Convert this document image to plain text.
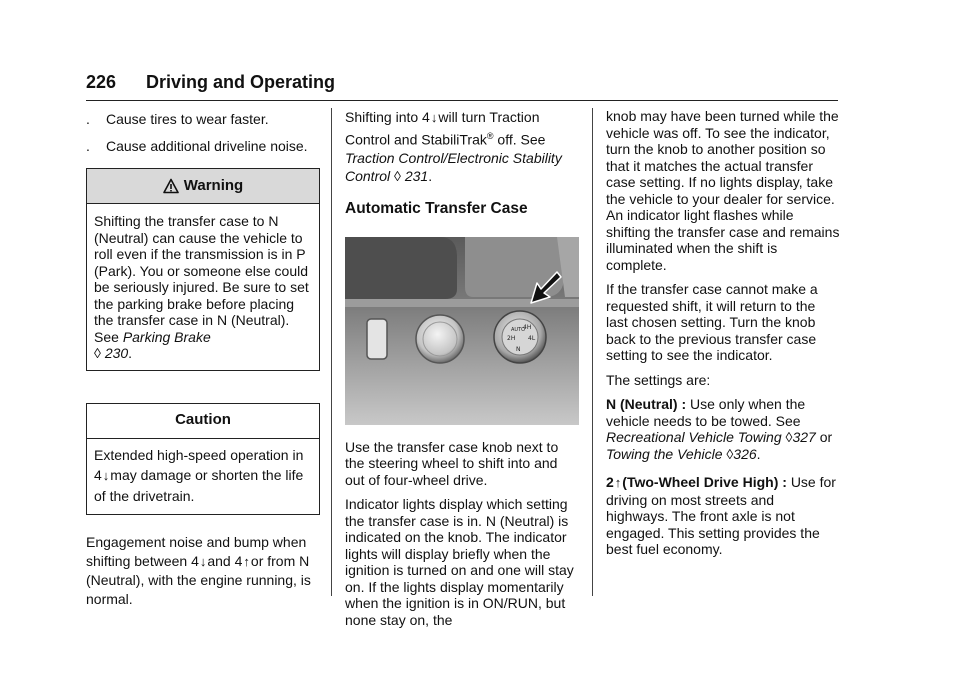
226 Driving and Operating
.	Cause tires to wear faster.
.	Cause additional driveline noise.
Warning
Shifting the transfer case to N (Neutral) can cause the vehicle to roll even if the transmission is in P (Park). You or someone else could be seriously injured. Be sure to set the parking brake before placing the transfer case in N (Neutral). See Parking Brake
◊ 230.
Caution
Extended high-speed operation in 4↓may damage or shorten the life of the drivetrain.

Engagement noise and bump when shifting between 4↓and 4↑or from N (Neutral), with the engine running, is normal.

Shifting into 4↓will turn Traction Control and StabiliTrak® off. See Traction Control/Electronic Stability Control ◊ 231.

Automatic Transfer Case
AUTO
4H
2H 4L
N

Use the transfer case knob next to the steering wheel to shift into and out of four-wheel drive.

Indicator lights display which setting the transfer case is in. N (Neutral) is indicated on the knob. The indicator lights will display briefly when the ignition is turned on and one will stay on. If the lights display momentarily when the ignition is in ON/RUN, but none stay on, the

knob may have been turned while the vehicle was off. To see the indicator, turn the knob to another position so that it matches the actual transfer case setting. If no lights display, take the vehicle to your dealer for service. An indicator light flashes while shifting the transfer case and remains illuminated when the shift is complete.

If the transfer case cannot make a requested shift, it will return to the last chosen setting. Turn the knob back to the previous transfer case setting to see the indicator.

The settings are:

N (Neutral) : Use only when the vehicle needs to be towed. See Recreational Vehicle Towing ◊327 or Towing the Vehicle ◊326.

2↑(Two-Wheel Drive High) : Use for driving on most streets and highways. The front axle is not engaged. This setting provides the best fuel economy.
